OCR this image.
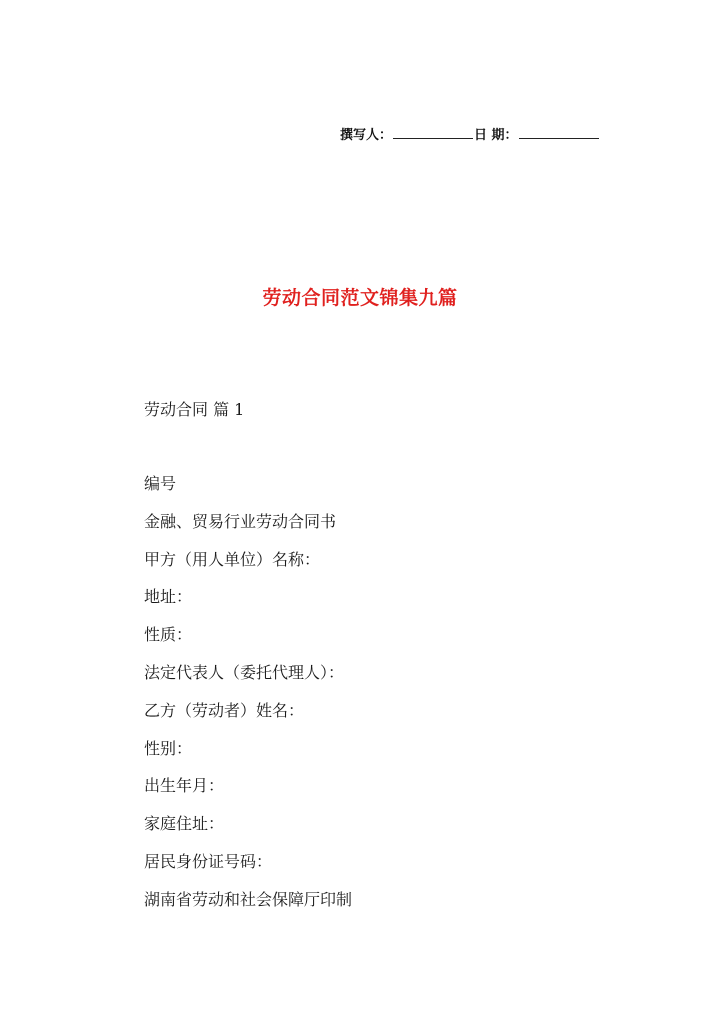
撰写人：	日 期：
劳动合同范文锦集九篇
劳动合同 篇 1
编号
金融、贸易行业劳动合同书
甲方（用人单位）名称：
地址：
性质：
法定代表人（委托代理人）：
乙方（劳动者）姓名：
性别：
出生年月：
家庭住址：
居民身份证号码：
湖南省劳动和社会保障厅印制
